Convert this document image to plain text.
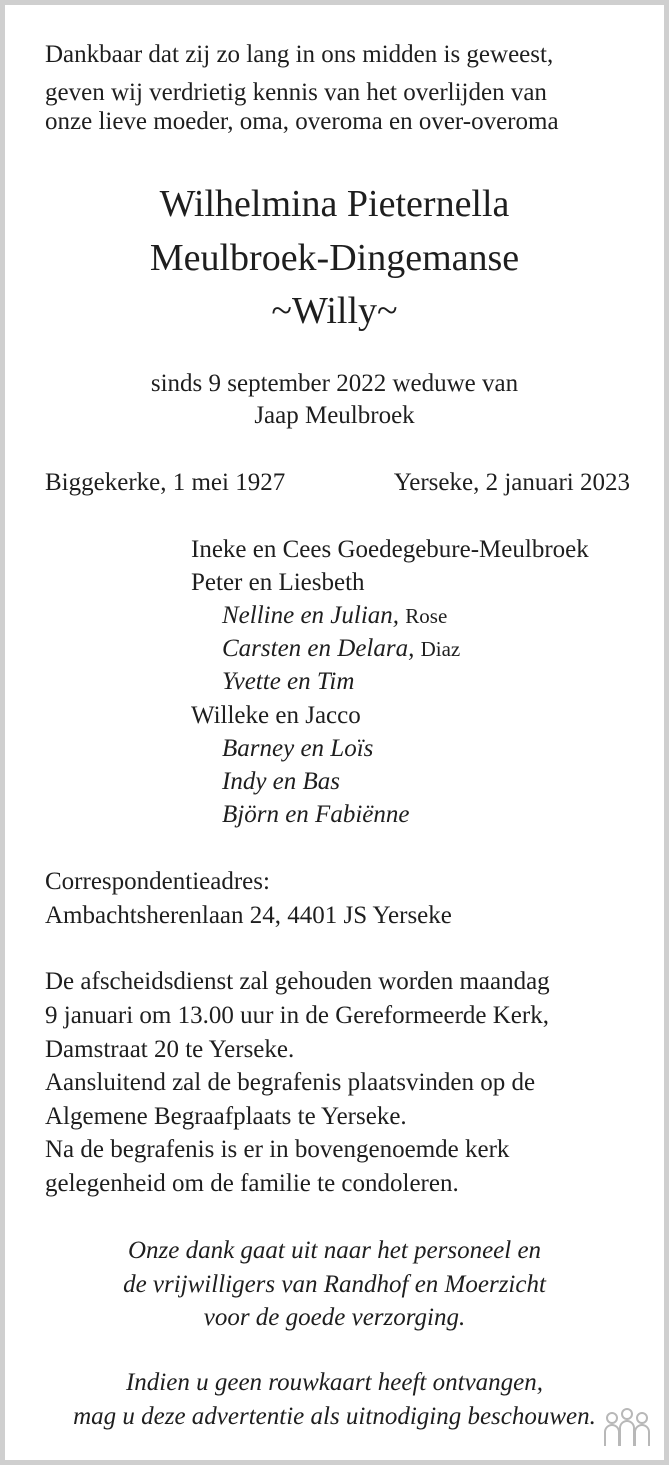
Dankbaar dat zij zo lang in ons midden is geweest,
geven wij verdrietig kennis van het overlijden van
onze lieve moeder, oma, overoma en over-overoma
Wilhelmina Pieternella
Meulbroek-Dingemanse
~Willy~
sinds 9 september 2022 weduwe van
Jaap Meulbroek
Biggekerke, 1 mei 1927	Yerseke, 2 januari 2023
Ineke en Cees Goedegebure-Meulbroek
Peter en Liesbeth
Nelline en Julian, Rose
Carsten en Delara, Diaz
Yvette en Tim
Willeke en Jacco
Barney en Loïs
Indy en Bas
Björn en Fabiënne
Correspondentieadres:
Ambachtsherenlaan 24, 4401 JS Yerseke
De afscheidsdienst zal gehouden worden maandag
9 januari om 13.00 uur in de Gereformeerde Kerk,
Damstraat 20 te Yerseke.
Aansluitend zal de begrafenis plaatsvinden op de
Algemene Begraafplaats te Yerseke.
Na de begrafenis is er in bovengenoemde kerk
gelegenheid om de familie te condoleren.
Onze dank gaat uit naar het personeel en
de vrijwilligers van Randhof en Moerzicht
voor de goede verzorging.
Indien u geen rouwkaart heeft ontvangen,
mag u deze advertentie als uitnodiging beschouwen.
